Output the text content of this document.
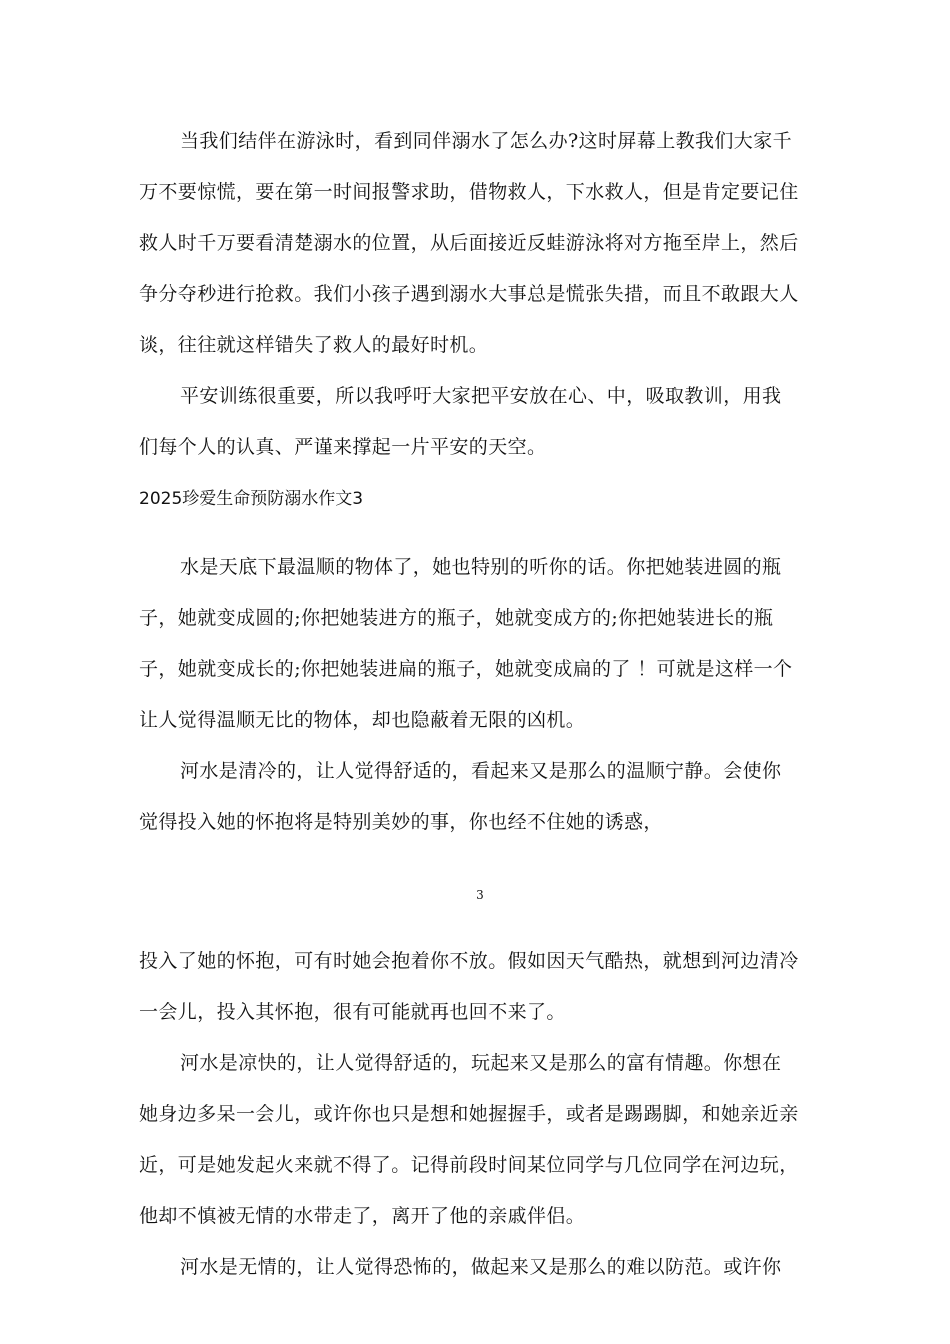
当我们结伴在游泳时，看到同伴溺水了怎么办?这时屏幕上教我们大家千
万不要惊慌，要在第一时间报警求助，借物救人，下水救人，但是肯定要记住
救人时千万要看清楚溺水的位置，从后面接近反蛙游泳将对方拖至岸上，然后
争分夺秒进行抢救。我们小孩子遇到溺水大事总是慌张失措，而且不敢跟大人
谈，往往就这样错失了救人的最好时机。
平安训练很重要，所以我呼吁大家把平安放在心、中，吸取教训，用我
们每个人的认真、严谨来撑起一片平安的天空。
2025珍爱生命预防溺水作文3
水是天底下最温顺的物体了，她也特别的听你的话。你把她装进圆的瓶
子，她就变成圆的;你把她装进方的瓶子，她就变成方的;你把她装进长的瓶
子，她就变成长的;你把她装进扁的瓶子，她就变成扁的了 ！可就是这样一个
让人觉得温顺无比的物体，却也隐蔽着无限的凶机。
河水是清冷的，让人觉得舒适的，看起来又是那么的温顺宁静。会使你
觉得投入她的怀抱将是特别美妙的事，你也经不住她的诱惑，
3
投入了她的怀抱，可有时她会抱着你不放。假如因天气酷热，就想到河边清冷
一会儿，投入其怀抱，很有可能就再也回不来了。
河水是凉快的，让人觉得舒适的，玩起来又是那么的富有情趣。你想在
她身边多呆一会儿，或许你也只是想和她握握手，或者是踢踢脚，和她亲近亲
近，可是她发起火来就不得了。记得前段时间某位同学与几位同学在河边玩，
他却不慎被无情的水带走了，离开了他的亲戚伴侣。
河水是无情的，让人觉得恐怖的，做起来又是那么的难以防范。或许你
